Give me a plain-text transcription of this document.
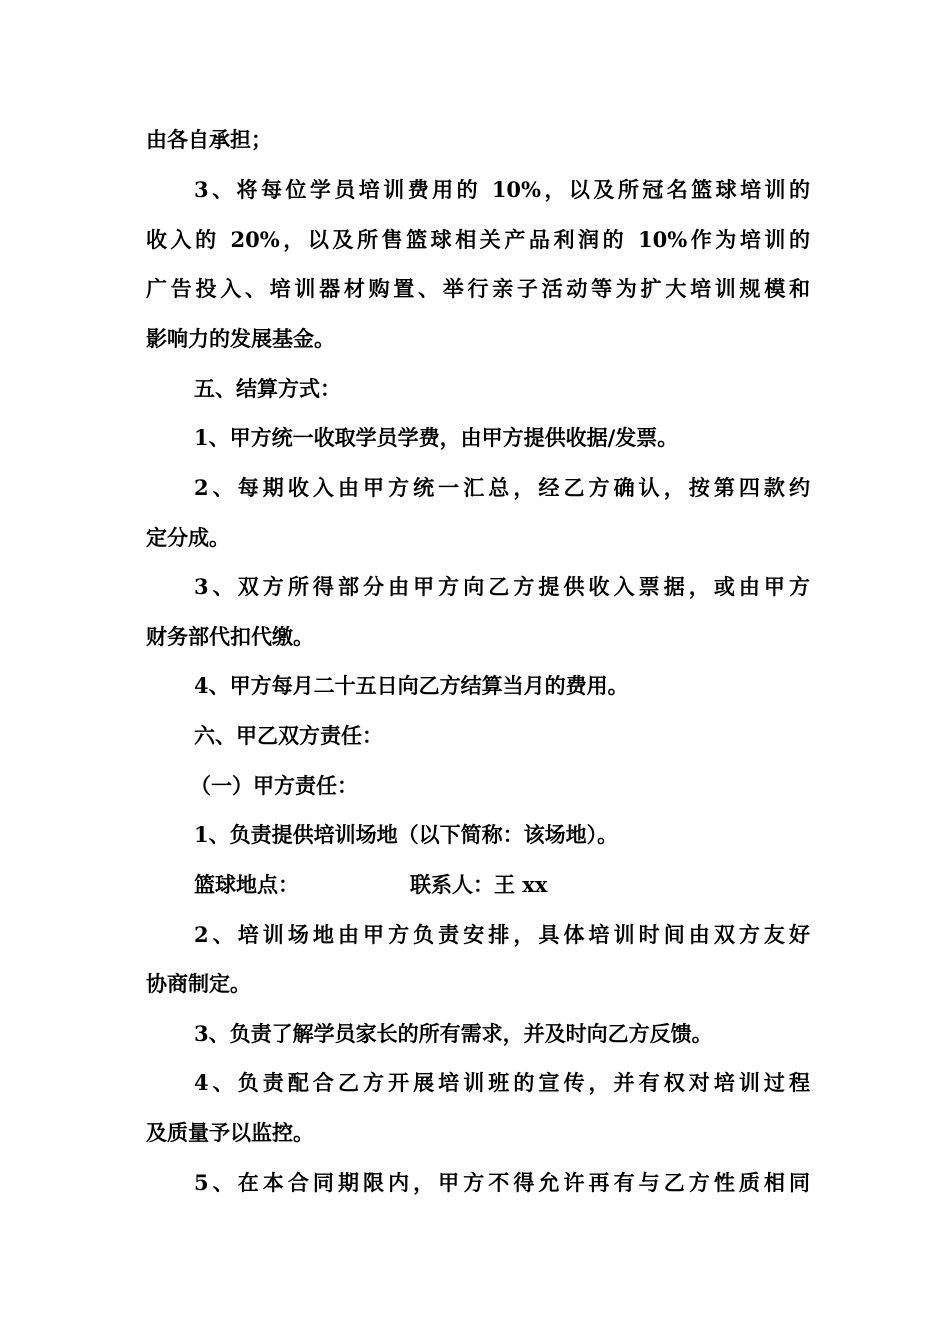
由各自承担；
3、将每位学员培训费用的 10%，以及所冠名篮球培训的
收入的 20%，以及所售篮球相关产品利润的 10%作为培训的
广告投入、培训器材购置、举行亲子活动等为扩大培训规模和
影响力的发展基金。
五、结算方式：
1、甲方统一收取学员学费，由甲方提供收据/发票。
2、每期收入由甲方统一汇总，经乙方确认，按第四款约
定分成。
3、双方所得部分由甲方向乙方提供收入票据，或由甲方
财务部代扣代缴。
4、甲方每月二十五日向乙方结算当月的费用。
六、甲乙双方责任：
（一）甲方责任：
1、负责提供培训场地（以下简称：该场地）。
篮球地点：	联系人：王 xx
2、培训场地由甲方负责安排，具体培训时间由双方友好
协商制定。
3、负责了解学员家长的所有需求，并及时向乙方反馈。
4、负责配合乙方开展培训班的宣传，并有权对培训过程
及质量予以监控。
5、在本合同期限内，甲方不得允许再有与乙方性质相同
